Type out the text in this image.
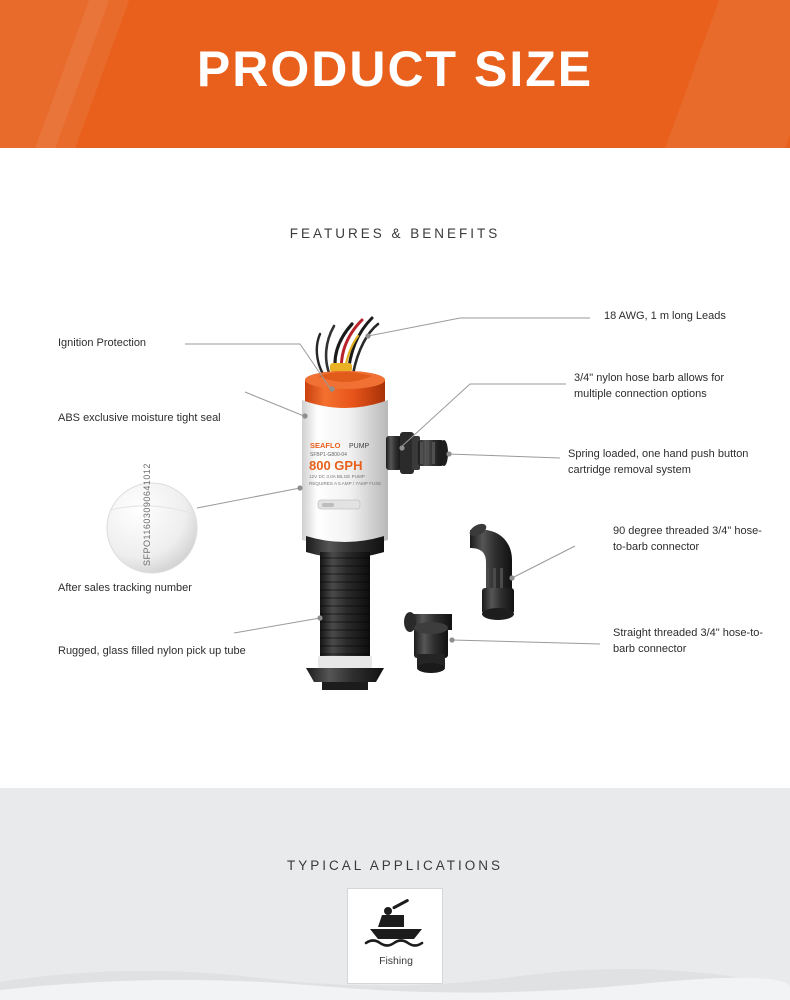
PRODUCT SIZE
FEATURES & BENEFITS
SEAFLO PUMP
SFBP1-G800-04
800 GPH
12V DC 3.0A BILGE PUMP
REQUIRES A 5 AMP / 7AMP FUSE
SFPO11603090641012
Ignition Protection
ABS exclusive moisture tight seal
After sales tracking number
Rugged, glass filled nylon pick up tube
18 AWG, 1 m long Leads
3/4" nylon hose barb allows for multiple connection options
Spring loaded, one hand push button cartridge removal system
90 degree threaded 3/4" hose-to-barb connector
Straight threaded 3/4" hose-to-barb connector
TYPICAL APPLICATIONS
Fishing
